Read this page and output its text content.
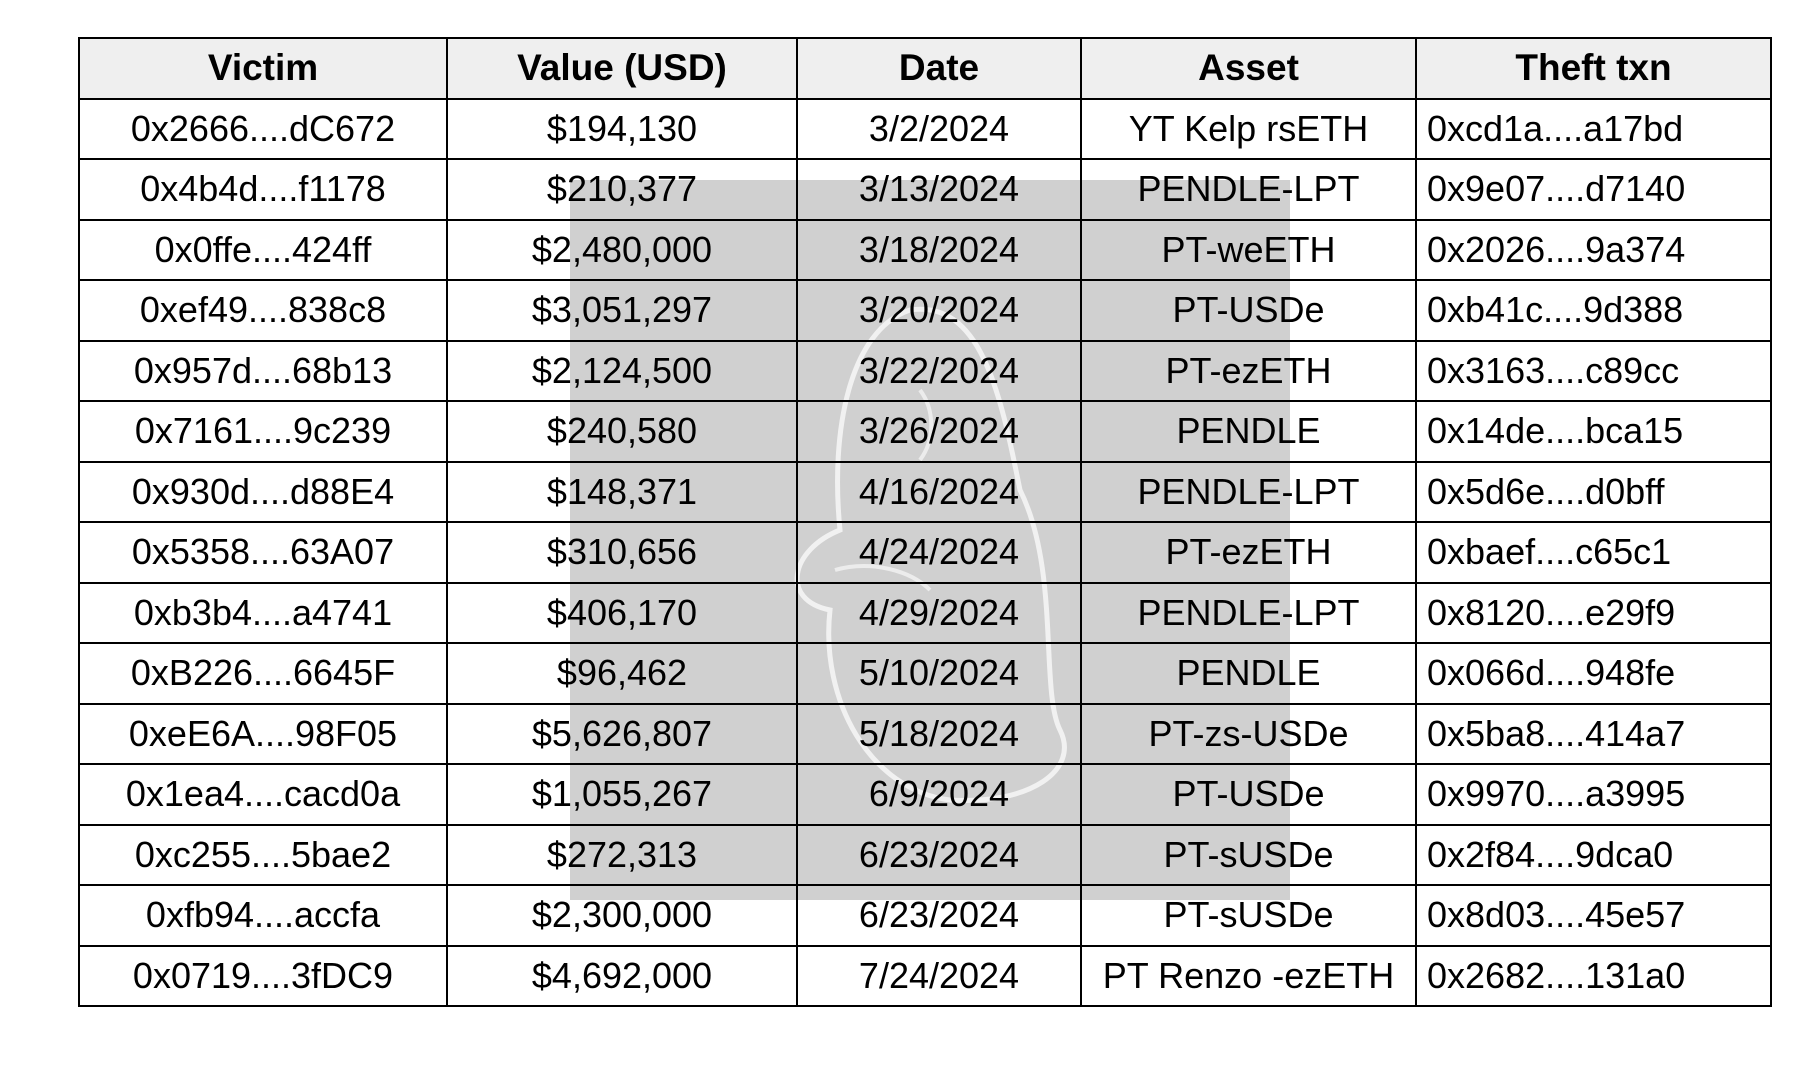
Victim	Value (USD)	Date	Asset	Theft txn
0x2666....dC672	$194,130	3/2/2024	YT Kelp rsETH	0xcd1a....a17bd
0x4b4d....f1178	$210,377	3/13/2024	PENDLE-LPT	0x9e07....d7140
0x0ffe....424ff	$2,480,000	3/18/2024	PT-weETH	0x2026....9a374
0xef49....838c8	$3,051,297	3/20/2024	PT-USDe	0xb41c....9d388
0x957d....68b13	$2,124,500	3/22/2024	PT-ezETH	0x3163....c89cc
0x7161....9c239	$240,580	3/26/2024	PENDLE	0x14de....bca15
0x930d....d88E4	$148,371	4/16/2024	PENDLE-LPT	0x5d6e....d0bff
0x5358....63A07	$310,656	4/24/2024	PT-ezETH	0xbaef....c65c1
0xb3b4....a4741	$406,170	4/29/2024	PENDLE-LPT	0x8120....e29f9
0xB226....6645F	$96,462	5/10/2024	PENDLE	0x066d....948fe
0xeE6A....98F05	$5,626,807	5/18/2024	PT-zs-USDe	0x5ba8....414a7
0x1ea4....cacd0a	$1,055,267	6/9/2024	PT-USDe	0x9970....a3995
0xc255....5bae2	$272,313	6/23/2024	PT-sUSDe	0x2f84....9dca0
0xfb94....accfa	$2,300,000	6/23/2024	PT-sUSDe	0x8d03....45e57
0x0719....3fDC9	$4,692,000	7/24/2024	PT Renzo -ezETH	0x2682....131a0
